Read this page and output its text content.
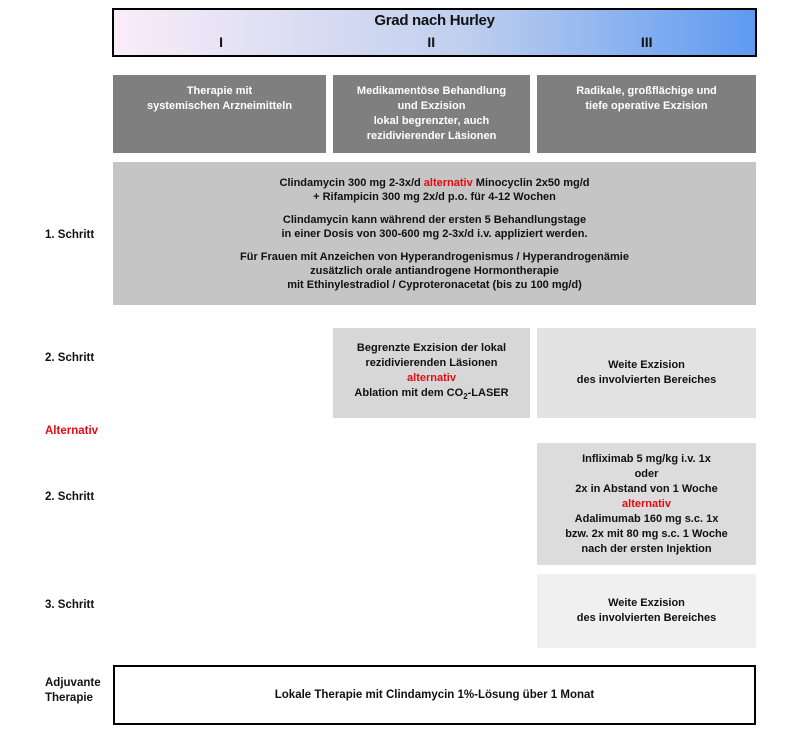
Grad nach Hurley
I	II	III
Therapie mit
systemischen Arzneimitteln
Medikamentöse Behandlung
und Exzision
lokal begrenzter, auch
rezidivierender Läsionen
Radikale, großflächige und
tiefe operative Exzision
1. Schritt
2. Schritt
Alternativ
2. Schritt
3. Schritt
Adjuvante
Therapie
Clindamycin 300 mg 2-3x/d alternativ Minocyclin 2x50 mg/d
+ Rifampicin 300 mg 2x/d p.o. für 4-12 Wochen
Clindamycin kann während der ersten 5 Behandlungstage
in einer Dosis von 300-600 mg 2-3x/d i.v. appliziert werden.
Für Frauen mit Anzeichen von Hyperandrogenismus / Hyperandrogenämie
zusätzlich orale antiandrogene Hormontherapie
mit Ethinylestradiol / Cyproteronacetat (bis zu 100 mg/d)
Begrenzte Exzision der lokal
rezidivierenden Läsionen
alternativ
Ablation mit dem $CO_2$-LASER
Weite Exzision
des involvierten Bereiches
Infliximab 5 mg/kg i.v. 1x
oder
2x in Abstand von 1 Woche
alternativ
Adalimumab 160 mg s.c. 1x
bzw. 2x mit 80 mg s.c. 1 Woche
nach der ersten Injektion
Weite Exzision
des involvierten Bereiches
Lokale Therapie mit Clindamycin 1%-Lösung über 1 Monat
